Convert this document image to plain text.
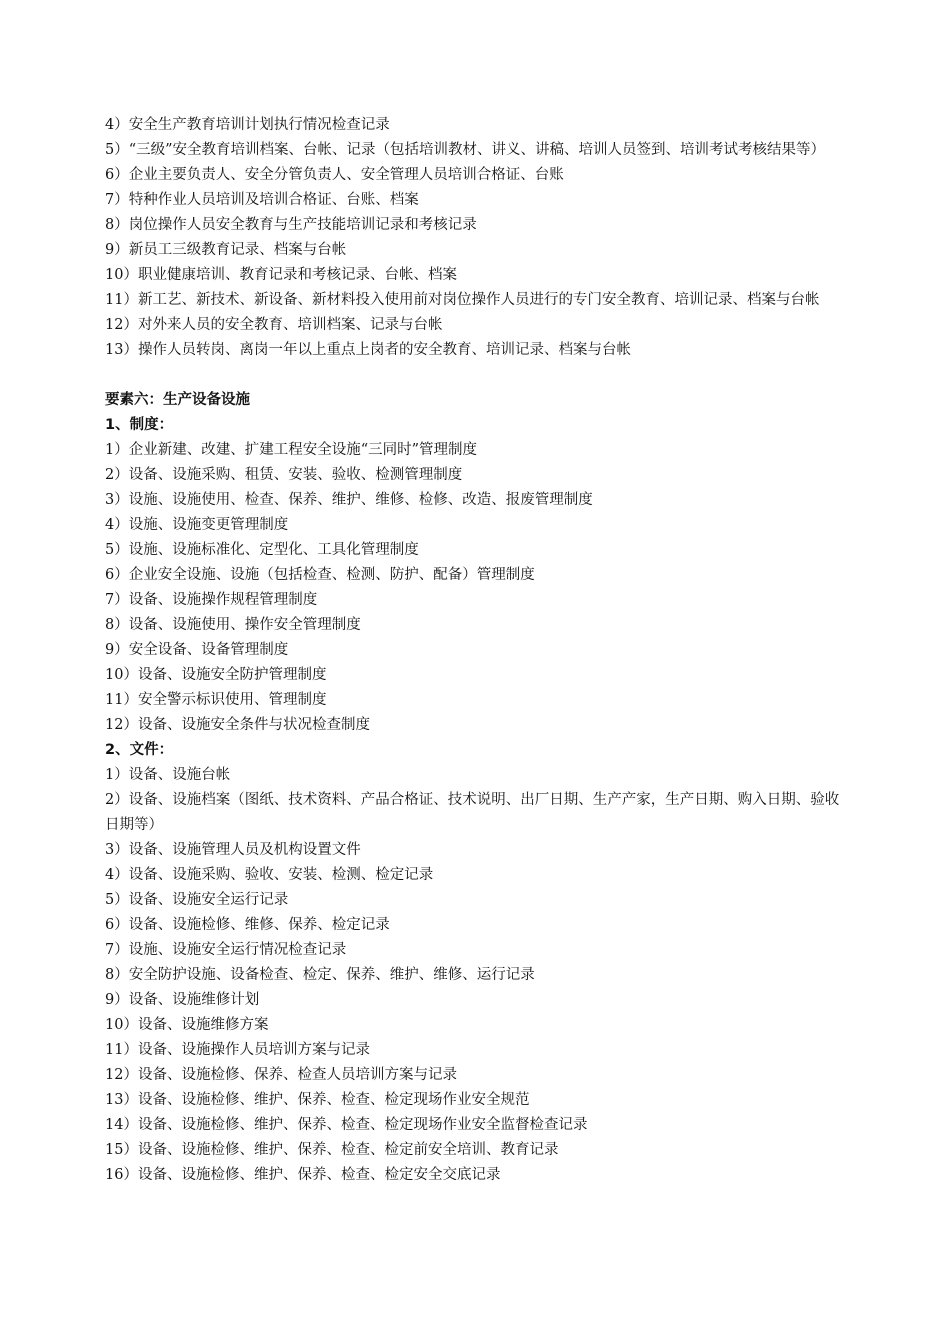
4）安全生产教育培训计划执行情况检查记录

5）“三级”安全教育培训档案、台帐、记录（包括培训教材、讲义、讲稿、培训人员签到、培训考试考核结果等）

6）企业主要负责人、安全分管负责人、安全管理人员培训合格证、台账

7）特种作业人员培训及培训合格证、台账、档案

8）岗位操作人员安全教育与生产技能培训记录和考核记录

9）新员工三级教育记录、档案与台帐

10）职业健康培训、教育记录和考核记录、台帐、档案

11）新工艺、新技术、新设备、新材料投入使用前对岗位操作人员进行的专门安全教育、培训记录、档案与台帐

12）对外来人员的安全教育、培训档案、记录与台帐

13）操作人员转岗、离岗一年以上重点上岗者的安全教育、培训记录、档案与台帐

要素六：生产设备设施

1、制度：

1）企业新建、改建、扩建工程安全设施“三同时”管理制度

2）设备、设施采购、租赁、安装、验收、检测管理制度

3）设施、设施使用、检查、保养、维护、维修、检修、改造、报废管理制度

4）设施、设施变更管理制度

5）设施、设施标准化、定型化、工具化管理制度

6）企业安全设施、设施（包括检查、检测、防护、配备）管理制度

7）设备、设施操作规程管理制度

8）设备、设施使用、操作安全管理制度

9）安全设备、设备管理制度

10）设备、设施安全防护管理制度

11）安全警示标识使用、管理制度

12）设备、设施安全条件与状况检查制度

2、文件：

1）设备、设施台帐

2）设备、设施档案（图纸、技术资料、产品合格证、技术说明、出厂日期、生产产家，生产日期、购入日期、验收日期等）

3）设备、设施管理人员及机构设置文件

4）设备、设施采购、验收、安装、检测、检定记录

5）设备、设施安全运行记录

6）设备、设施检修、维修、保养、检定记录

7）设施、设施安全运行情况检查记录

8）安全防护设施、设备检查、检定、保养、维护、维修、运行记录

9）设备、设施维修计划

10）设备、设施维修方案

11）设备、设施操作人员培训方案与记录

12）设备、设施检修、保养、检查人员培训方案与记录

13）设备、设施检修、维护、保养、检查、检定现场作业安全规范

14）设备、设施检修、维护、保养、检查、检定现场作业安全监督检查记录

15）设备、设施检修、维护、保养、检查、检定前安全培训、教育记录

16）设备、设施检修、维护、保养、检查、检定安全交底记录
